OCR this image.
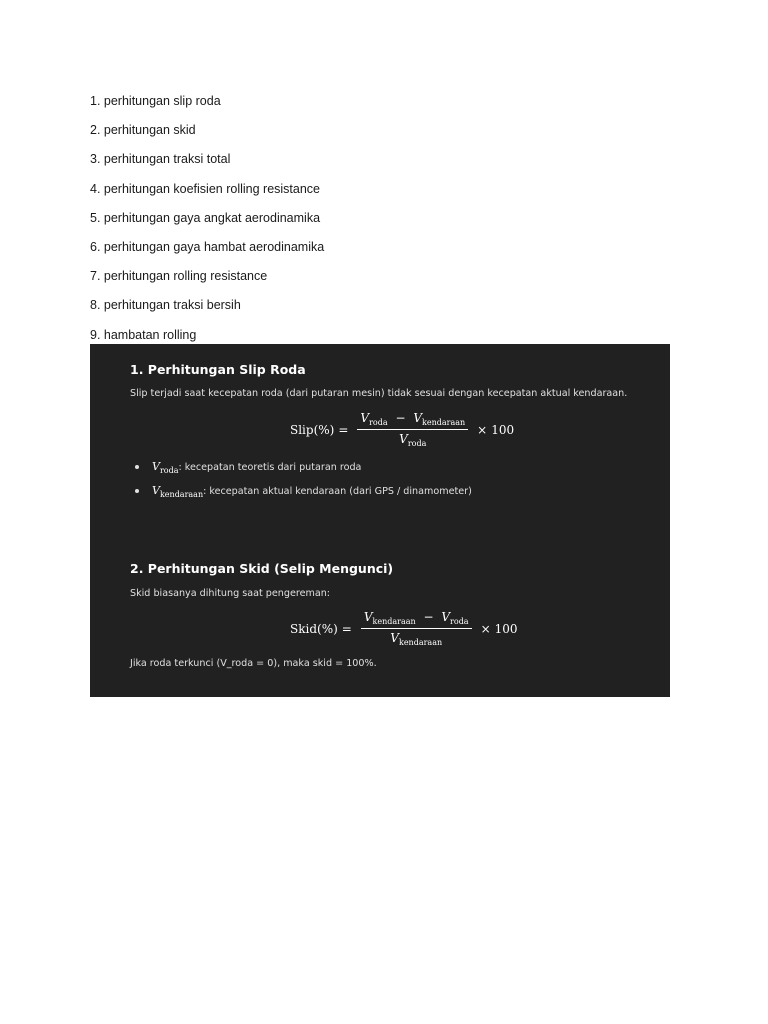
1. perhitungan slip roda
2. perhitungan skid
3. perhitungan traksi total
4. perhitungan koefisien rolling resistance
5. perhitungan gaya angkat aerodinamika
6. perhitungan gaya hambat aerodinamika
7. perhitungan rolling resistance
8. perhitungan traksi bersih
9. hambatan rolling
1. Perhitungan Slip Roda
Slip terjadi saat kecepatan roda (dari putaran mesin) tidak sesuai dengan kecepatan aktual kendaraan.
Slip(%) = $\frac{V_{roda} - V_{kendaraan}}{V_{roda}} \times 100$
$V_{roda}$: kecepatan teoretis dari putaran roda
$V_{kendaraan}$: kecepatan aktual kendaraan (dari GPS / dinamometer)
2. Perhitungan Skid (Selip Mengunci)
Skid biasanya dihitung saat pengereman:
Skid(%) = $\frac{V_{kendaraan} - V_{roda}}{V_{kendaraan}} \times 100$
Jika roda terkunci (V_roda = 0), maka skid = 100%.
